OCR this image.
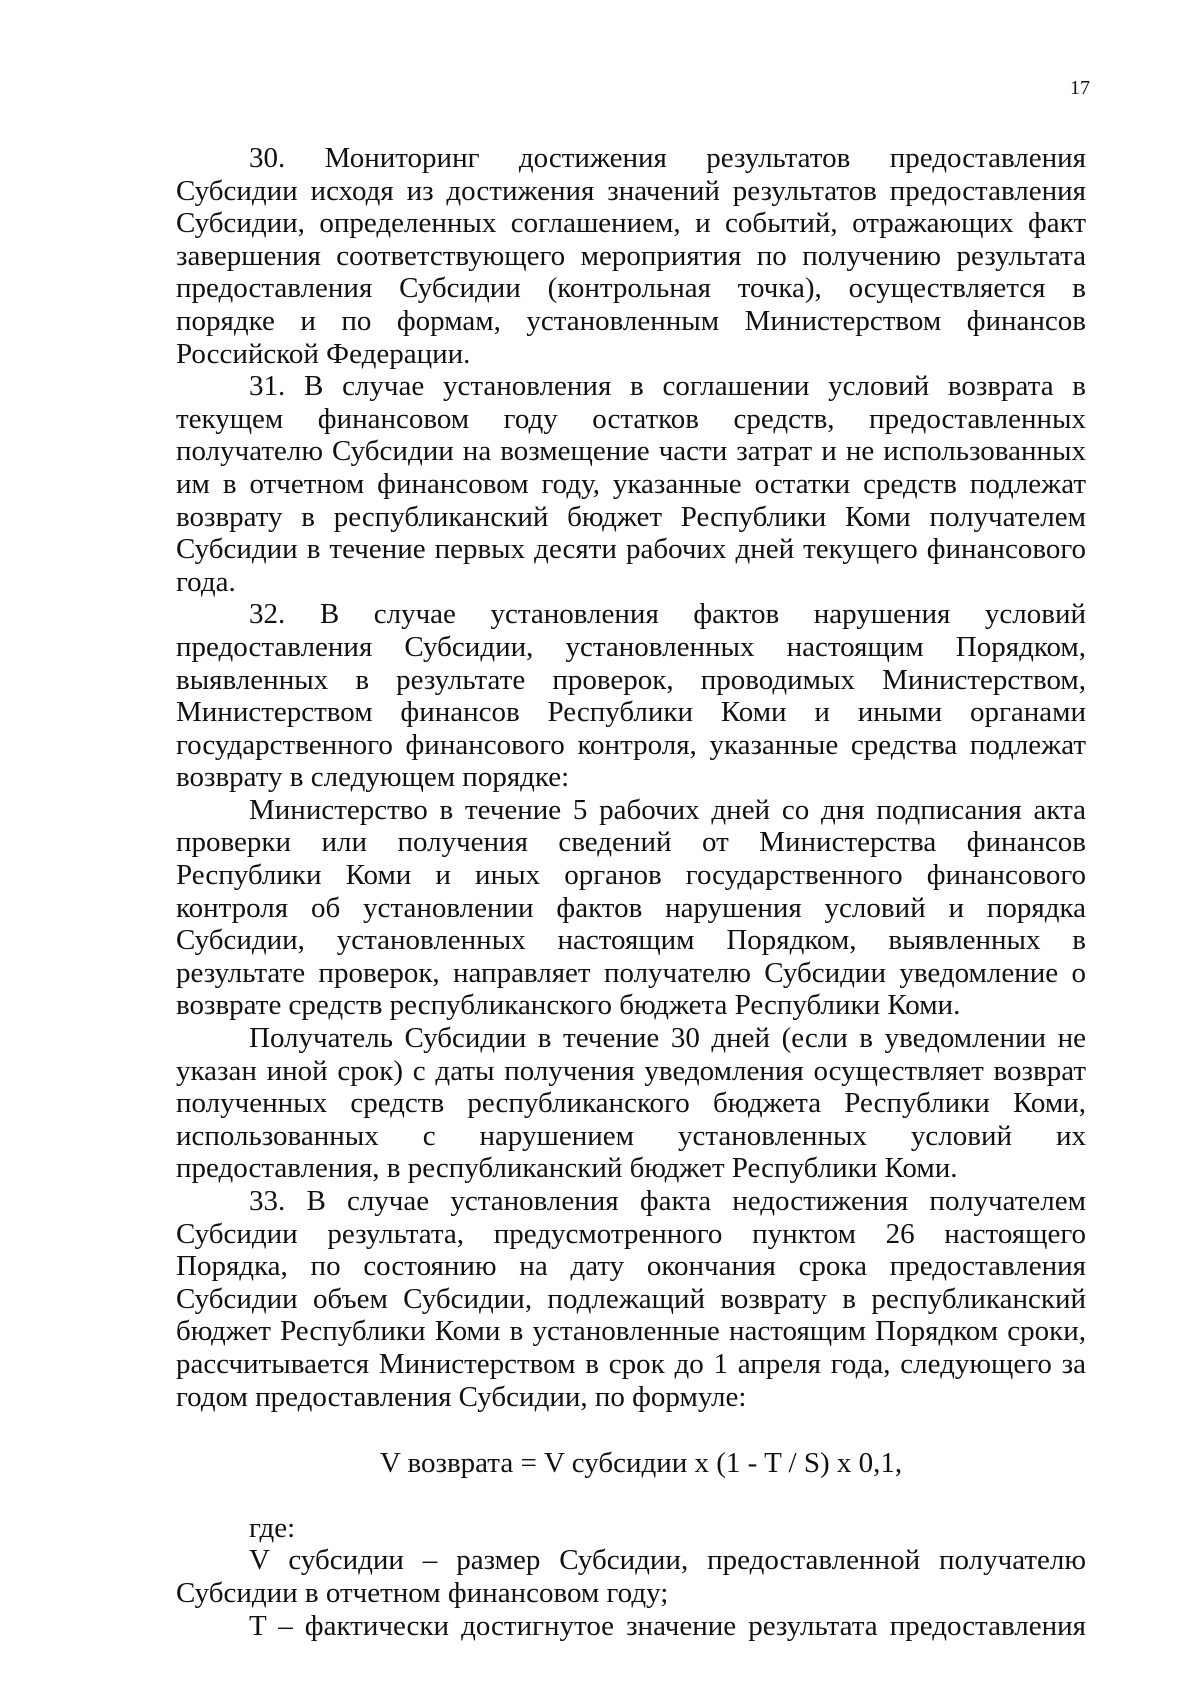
17

30. Мониторинг достижения результатов предоставления Субсидии исходя из достижения значений результатов предоставления Субсидии, определенных соглашением, и событий, отражающих факт завершения соответствующего мероприятия по получению результата предоставления Субсидии (контрольная точка), осуществляется в порядке и по формам, установленным Министерством финансов Российской Федерации.

31. В случае установления в соглашении условий возврата в текущем финансовом году остатков средств, предоставленных получателю Субсидии на возмещение части затрат и не использованных им в отчетном финансовом году, указанные остатки средств подлежат возврату в республиканский бюджет Республики Коми получателем Субсидии в течение первых десяти рабочих дней текущего финансового года.

32. В случае установления фактов нарушения условий предоставления Субсидии, установленных настоящим Порядком, выявленных в результате проверок, проводимых Министерством, Министерством финансов Республики Коми и иными органами государственного финансового контроля, указанные средства подлежат возврату в следующем порядке:

Министерство в течение 5 рабочих дней со дня подписания акта проверки или получения сведений от Министерства финансов Республики Коми и иных органов государственного финансового контроля об установлении фактов нарушения условий и порядка Субсидии, установленных настоящим Порядком, выявленных в результате проверок, направляет получателю Субсидии уведомление о возврате средств республиканского бюджета Республики Коми.

Получатель Субсидии в течение 30 дней (если в уведомлении не указан иной срок) с даты получения уведомления осуществляет возврат полученных средств республиканского бюджета Республики Коми, использованных с нарушением установленных условий их предоставления, в республиканский бюджет Республики Коми.

33. В случае установления факта недостижения получателем Субсидии результата, предусмотренного пунктом 26 настоящего Порядка, по состоянию на дату окончания срока предоставления Субсидии объем Субсидии, подлежащий возврату в республиканский бюджет Республики Коми в установленные настоящим Порядком сроки, рассчитывается Министерством в срок до 1 апреля года, следующего за годом предоставления Субсидии, по формуле:

V возврата = V субсидии x (1 - T / S) x 0,1,

где:

V субсидии – размер Субсидии, предоставленной получателю Субсидии в отчетном финансовом году;

T – фактически достигнутое значение результата предоставления
